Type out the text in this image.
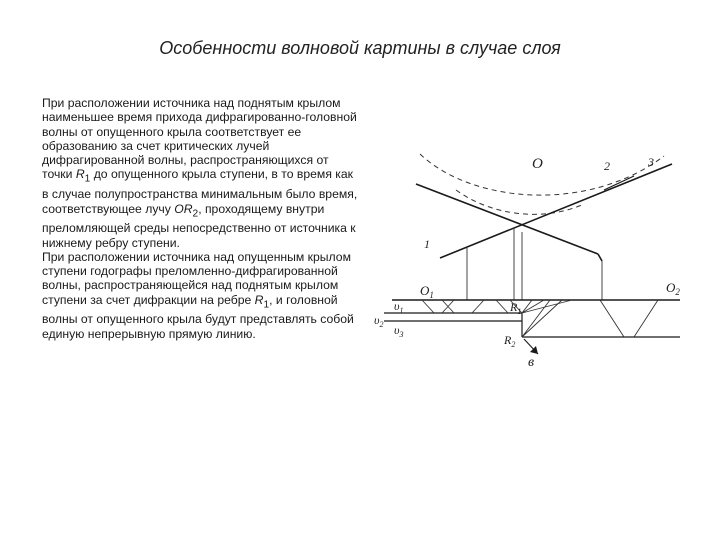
Особенности волновой картины в случае слоя

При расположении источника над поднятым крылом наименьшее время прихода дифрагированно-головной волны от опущенного крыла соответствует ее образованию за счет критических лучей дифрагированной волны, распространяющихся от точки $R_1$ до опущенного крыла ступени, в то время как в случае полупространства минимальным было время, соответствующее лучу $OR_2$, проходящему внутри преломляющей среды непосредственно от источника к нижнему ребру ступени.

При расположении источника над опущенным крылом ступени годографы преломленно-дифрагированной волны, распространяющейся над поднятым крылом ступени за счет дифракции на ребре $R_1$, и головной волны от опущенного крыла будут представлять собой единую непрерывную прямую линию.

O
1
2	3
$O_1$	$O_2$
$\upsilon_1$
$\upsilon_2$ $\upsilon_3$
$R_1$
$R_2$
в
